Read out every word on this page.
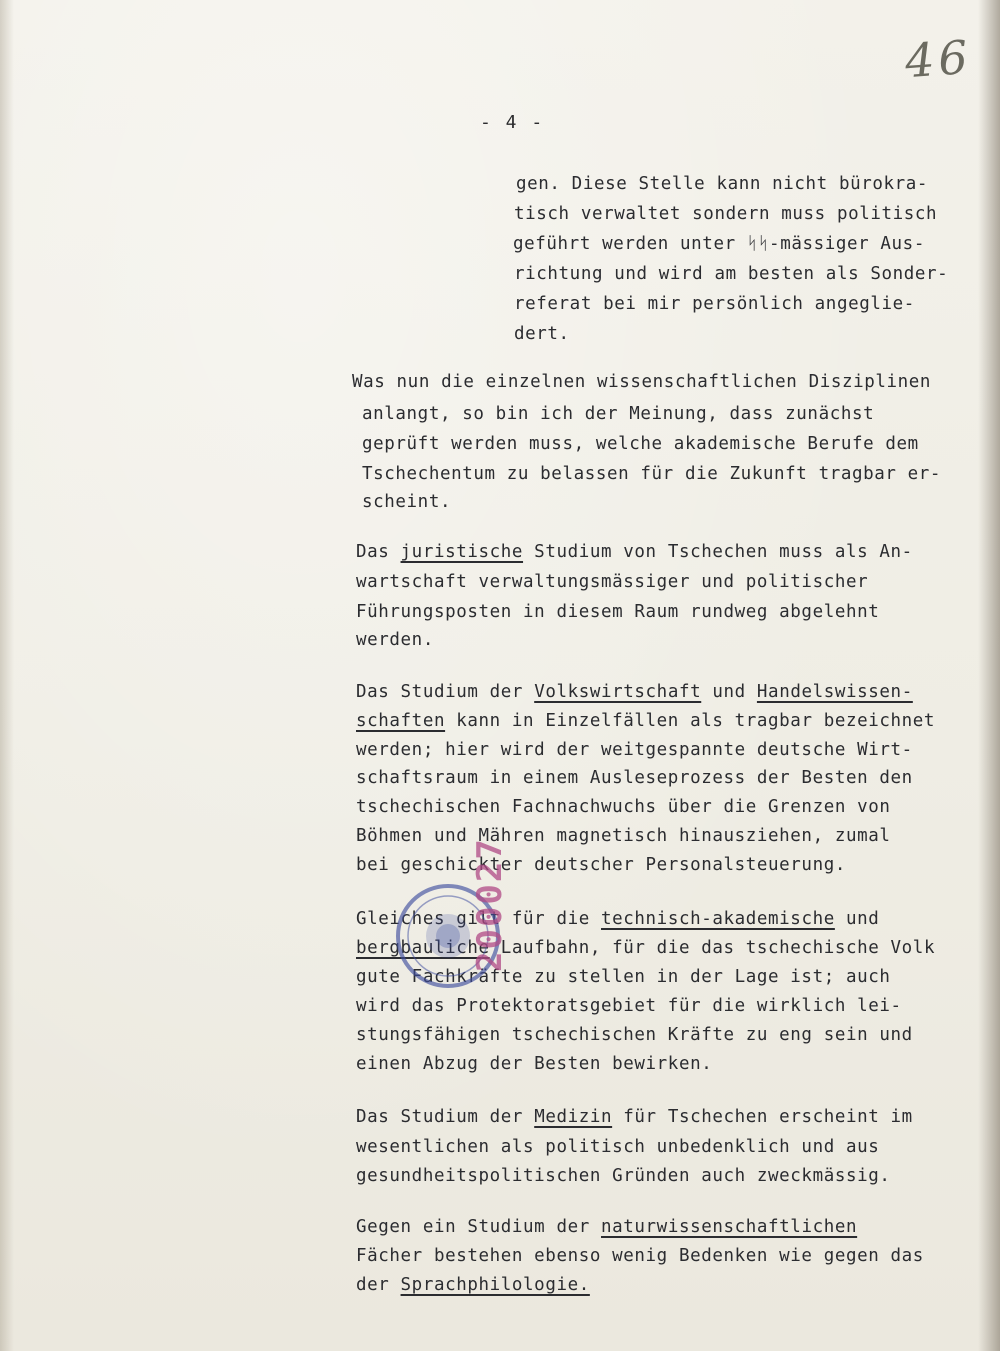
46
- 4 -
gen. Diese Stelle kann nicht bürokra-
tisch verwaltet sondern muss politisch
geführt werden unter ᛋᛋ-mässiger Aus-
richtung und wird am besten als Sonder-
referat bei mir persönlich angeglie-
dert.
Was nun die einzelnen wissenschaftlichen Disziplinen
anlangt, so bin ich der Meinung, dass zunächst
geprüft werden muss, welche akademische Berufe dem
Tschechentum zu belassen für die Zukunft tragbar er-
scheint.
Das juristische Studium von Tschechen muss als An-
wartschaft verwaltungsmässiger und politischer
Führungsposten in diesem Raum rundweg abgelehnt
werden.
Das Studium der Volkswirtschaft und Handelswissen-
schaften kann in Einzelfällen als tragbar bezeichnet
werden; hier wird der weitgespannte deutsche Wirt-
schaftsraum in einem Ausleseprozess der Besten den
tschechischen Fachnachwuchs über die Grenzen von
Böhmen und Mähren magnetisch hinausziehen, zumal
bei geschickter deutscher Personalsteuerung.
Gleiches gilt für die technisch-akademische und
bergbauliche Laufbahn, für die das tschechische Volk
gute Fachkräfte zu stellen in der Lage ist; auch
wird das Protektoratsgebiet für die wirklich lei-
stungsfähigen tschechischen Kräfte zu eng sein und
einen Abzug der Besten bewirken.
Das Studium der Medizin für Tschechen erscheint im
wesentlichen als politisch unbedenklich und aus
gesundheitspolitischen Gründen auch zweckmässig.
Gegen ein Studium der naturwissenschaftlichen
Fächer bestehen ebenso wenig Bedenken wie gegen das
der Sprachphilologie.
200027
